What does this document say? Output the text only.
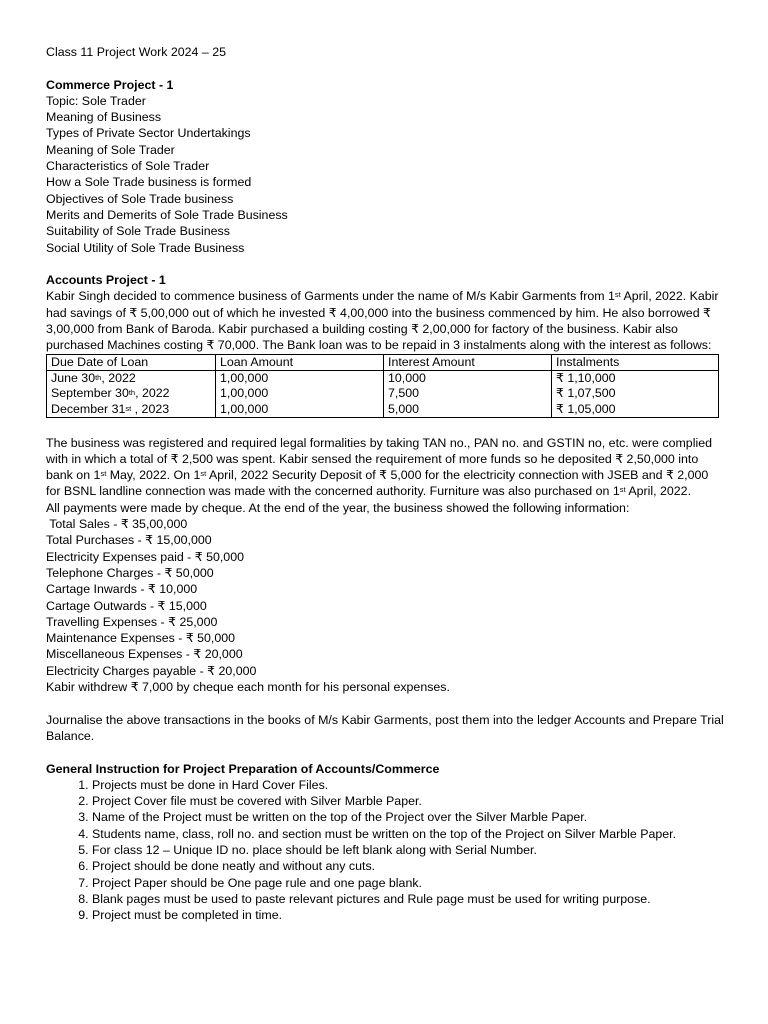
Class 11 Project Work 2024 – 25

Commerce Project - 1

Topic: Sole Trader

Meaning of Business

Types of Private Sector Undertakings

Meaning of Sole Trader

Characteristics of Sole Trader

How a Sole Trade business is formed

Objectives of Sole Trade business

Merits and Demerits of Sole Trade Business

Suitability of Sole Trade Business

Social Utility of Sole Trade Business

Accounts Project - 1

Kabir Singh decided to commence business of Garments under the name of M/s Kabir Garments from 1st April, 2022. Kabir had savings of ₹ 5,00,000 out of which he invested ₹ 4,00,000 into the business commenced by him. He also borrowed ₹ 3,00,000 from Bank of Baroda. Kabir purchased a building costing ₹ 2,00,000 for factory of the business. Kabir also purchased Machines costing ₹ 70,000. The Bank loan was to be repaid in 3 instalments along with the interest as follows:

Due Date of Loan	Loan Amount	Interest Amount	Instalments
June 30th, 2022	1,00,000	10,000	₹ 1,10,000
September 30th, 2022	1,00,000	7,500	₹ 1,07,500
December 31st , 2023	1,00,000	5,000	₹ 1,05,000

The business was registered and required legal formalities by taking TAN no., PAN no. and GSTIN no, etc. were complied with in which a total of ₹ 2,500 was spent. Kabir sensed the requirement of more funds so he deposited ₹ 2,50,000 into bank on 1st May, 2022. On 1st April, 2022 Security Deposit of ₹ 5,000 for the electricity connection with JSEB and ₹ 2,000 for BSNL landline connection was made with the concerned authority. Furniture was also purchased on 1st April, 2022.

All payments were made by cheque. At the end of the year, the business showed the following information:

Total Sales - ₹ 35,00,000

Total Purchases - ₹ 15,00,000

Electricity Expenses paid - ₹ 50,000

Telephone Charges - ₹ 50,000

Cartage Inwards - ₹ 10,000

Cartage Outwards - ₹ 15,000

Travelling Expenses - ₹ 25,000

Maintenance Expenses - ₹ 50,000

Miscellaneous Expenses - ₹ 20,000

Electricity Charges payable - ₹ 20,000

Kabir withdrew ₹ 7,000 by cheque each month for his personal expenses.

Journalise the above transactions in the books of M/s Kabir Garments, post them into the ledger Accounts and Prepare Trial Balance.

General Instruction for Project Preparation of Accounts/Commerce

1. Projects must be done in Hard Cover Files.
2. Project Cover file must be covered with Silver Marble Paper.
3. Name of the Project must be written on the top of the Project over the Silver Marble Paper.
4. Students name, class, roll no. and section must be written on the top of the Project on Silver Marble Paper.
5. For class 12 – Unique ID no. place should be left blank along with Serial Number.
6. Project should be done neatly and without any cuts.
7. Project Paper should be One page rule and one page blank.
8. Blank pages must be used to paste relevant pictures and Rule page must be used for writing purpose.
9. Project must be completed in time.
